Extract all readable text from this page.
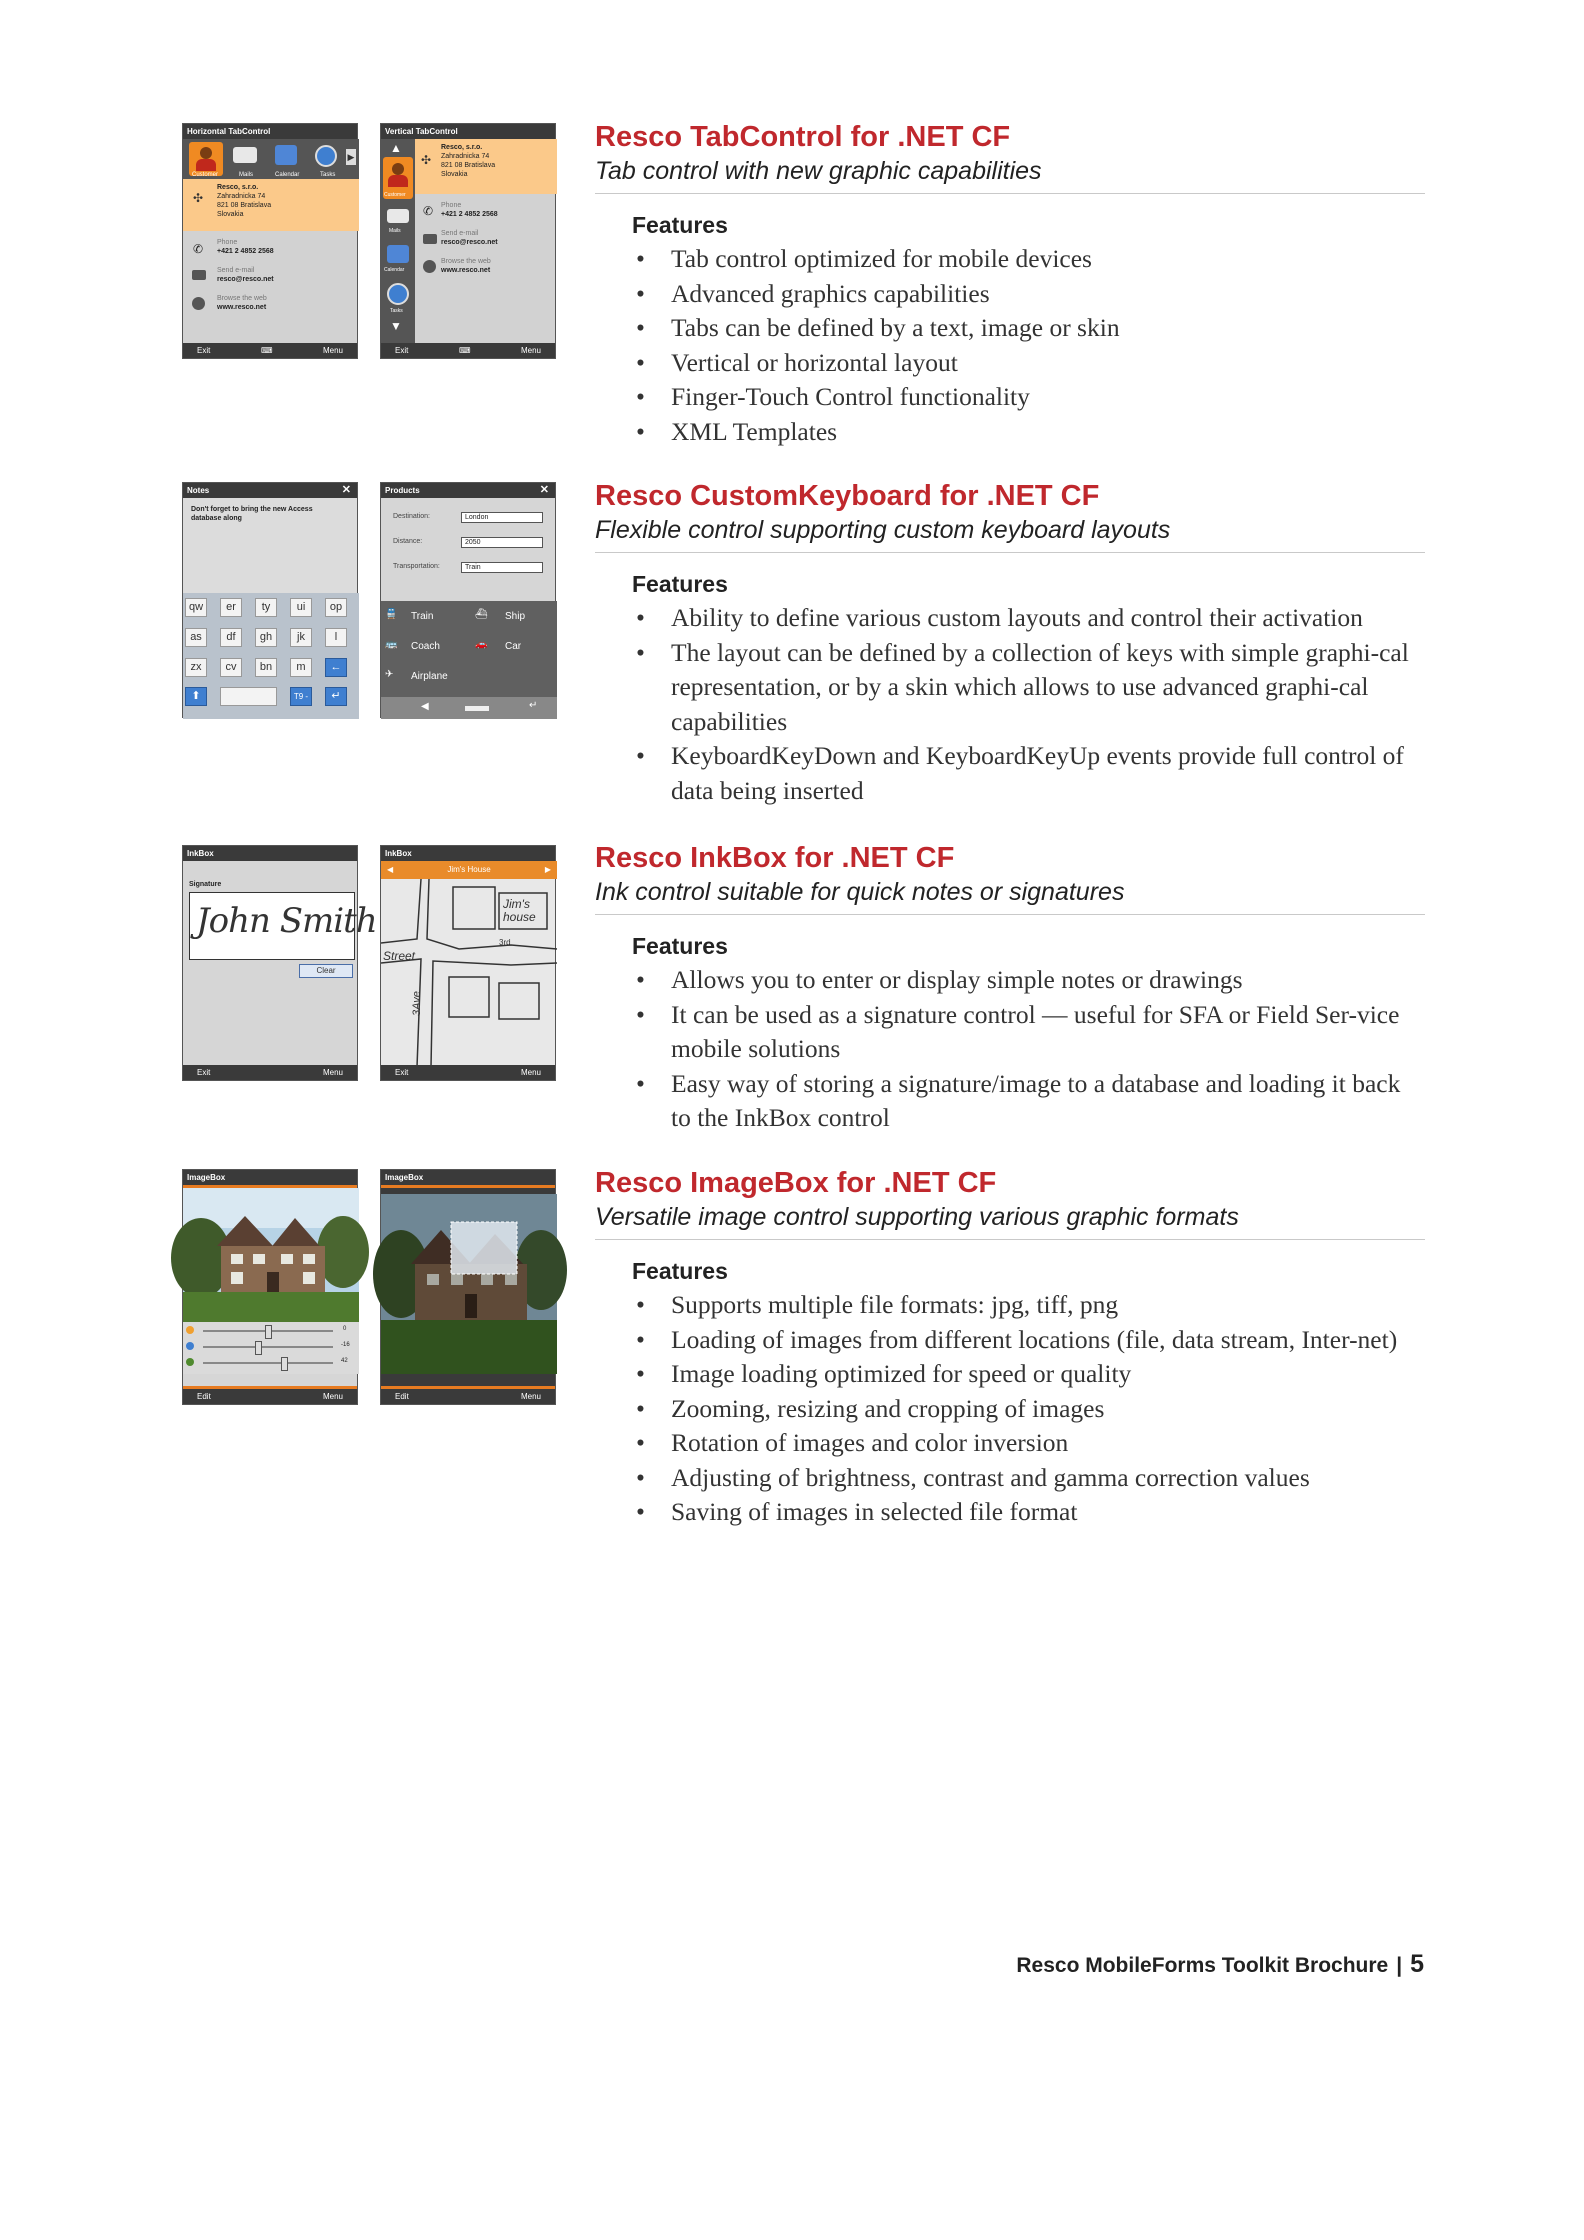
Horizontal TabControl
▶
Customer	Mails	Calendar	Tasks
✣
Resco, s.r.o.
Zahradnicka 74
821 08 Bratislava
Slovakia
✆ Phone
+421 2 4852 2568
Send e-mail
resco@resco.net
Browse the web
www.resco.net
Exit	⌨	Menu
Vertical TabControl
▲
Customer
Mails
Calendar
Tasks
▼
✣
Resco, s.r.o.
Zahradnicka 74
821 08 Bratislava
Slovakia
✆ Phone
+421 2 4852 2568
Send e-mail
resco@resco.net
Browse the web
www.resco.net
Exit	⌨	Menu
Resco TabControl for .NET CF

Tab control with new graphic capabilities

Features
• Tab control optimized for mobile devices
• Advanced graphics capabilities
• Tabs can be defined by a text, image or skin
• Vertical or horizontal layout
• Finger-Touch Control functionality
• XML Templates
Notes	✕
Don't forget to bring the new Access database along
qw	er	ty	ui	op
as	df	gh	jk	l
zx	cv	bn	m	←
⬆	T9 -	↵
Products	✕
Destination:	London
Distance:	2050
Transportation:	Train
🚆 Train	⛴ Ship
🚌 Coach	🚗 Car
✈ Airplane
◀	↵
Resco CustomKeyboard for .NET CF

Flexible control supporting custom keyboard layouts

Features
• Ability to define various custom layouts and control their activation
• The layout can be defined by a collection of keys with simple graphi-cal representation, or by a skin which allows to use advanced graphi-cal capabilities
• KeyboardKeyDown and KeyboardKeyUp events provide full control of data being inserted
InkBox
Signature
John Smith
Clear
Exit	Menu
InkBox
◀	Jim's House	▶
Jim's house
Street
3Ave
3rd
Exit	Menu
Resco InkBox for .NET CF

Ink control suitable for quick notes or signatures

Features
• Allows you to enter or display simple notes or drawings
• It can be used as a signature control — useful for SFA or Field Ser-vice mobile solutions
• Easy way of storing a signature/image to a database and loading it back to the InkBox control
ImageBox
0
-16
42
Edit	Menu
ImageBox
Edit	Menu
Resco ImageBox for .NET CF

Versatile image control supporting various graphic formats

Features
• Supports multiple file formats: jpg, tiff, png
• Loading of images from different locations (file, data stream, Inter-net)
• Image loading optimized for speed or quality
• Zooming, resizing and cropping of images
• Rotation of images and color inversion
• Adjusting of brightness, contrast and gamma correction values
• Saving of images in selected file format
Resco MobileForms Toolkit Brochure | 5
